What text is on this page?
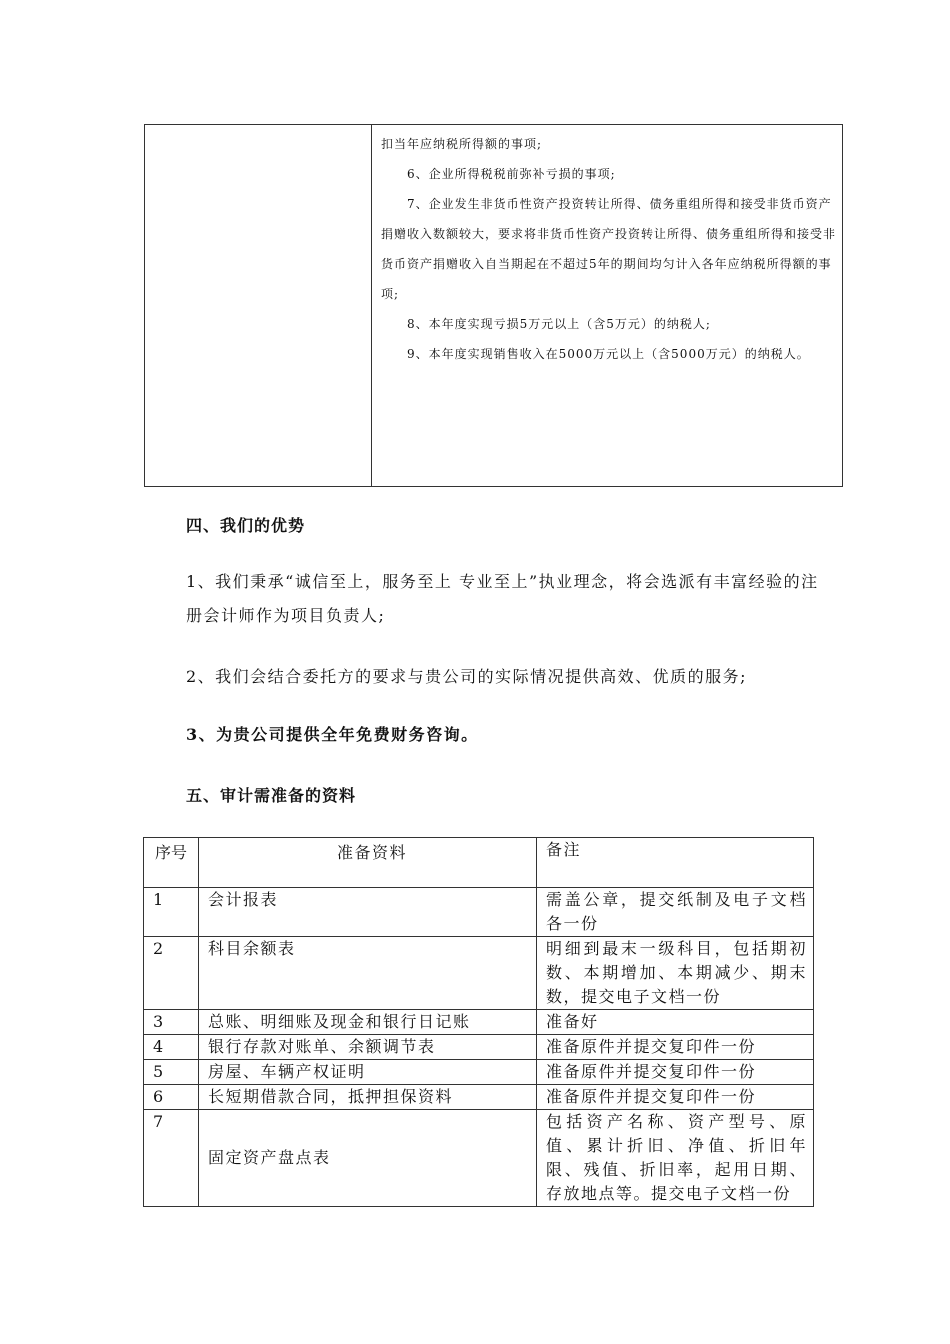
扣当年应纳税所得额的事项;

6、企业所得税税前弥补亏损的事项;

7、企业发生非货币性资产投资转让所得、债务重组所得和接受非货币资产捐赠收入数额较大，要求将非货币性资产投资转让所得、债务重组所得和接受非货币资产捐赠收入自当期起在不超过5年的期间均匀计入各年应纳税所得额的事项;

8、本年度实现亏损5万元以上（含5万元）的纳税人;

9、本年度实现销售收入在5000万元以上（含5000万元）的纳税人。

四、我们的优势
1、我们秉承“诚信至上，服务至上 专业至上”执业理念，将会选派有丰富经验的注册会计师作为项目负责人;
2、我们会结合委托方的要求与贵公司的实际情况提供高效、优质的服务;
3、为贵公司提供全年免费财务咨询。
五、审计需准备的资料
序号	准备资料	备注
1	会计报表	需盖公章，提交纸制及电子文档各一份
2	科目余额表	明细到最末一级科目，包括期初数、本期增加、本期减少、期末数，提交电子文档一份
3	总账、明细账及现金和银行日记账	准备好
4	银行存款对账单、余额调节表	准备原件并提交复印件一份
5	房屋、车辆产权证明	准备原件并提交复印件一份
6	长短期借款合同，抵押担保资料	准备原件并提交复印件一份
7	固定资产盘点表	包括资产名称、资产型号、原值、累计折旧、净值、折旧年限、残值、折旧率，起用日期、存放地点等。提交电子文档一份
